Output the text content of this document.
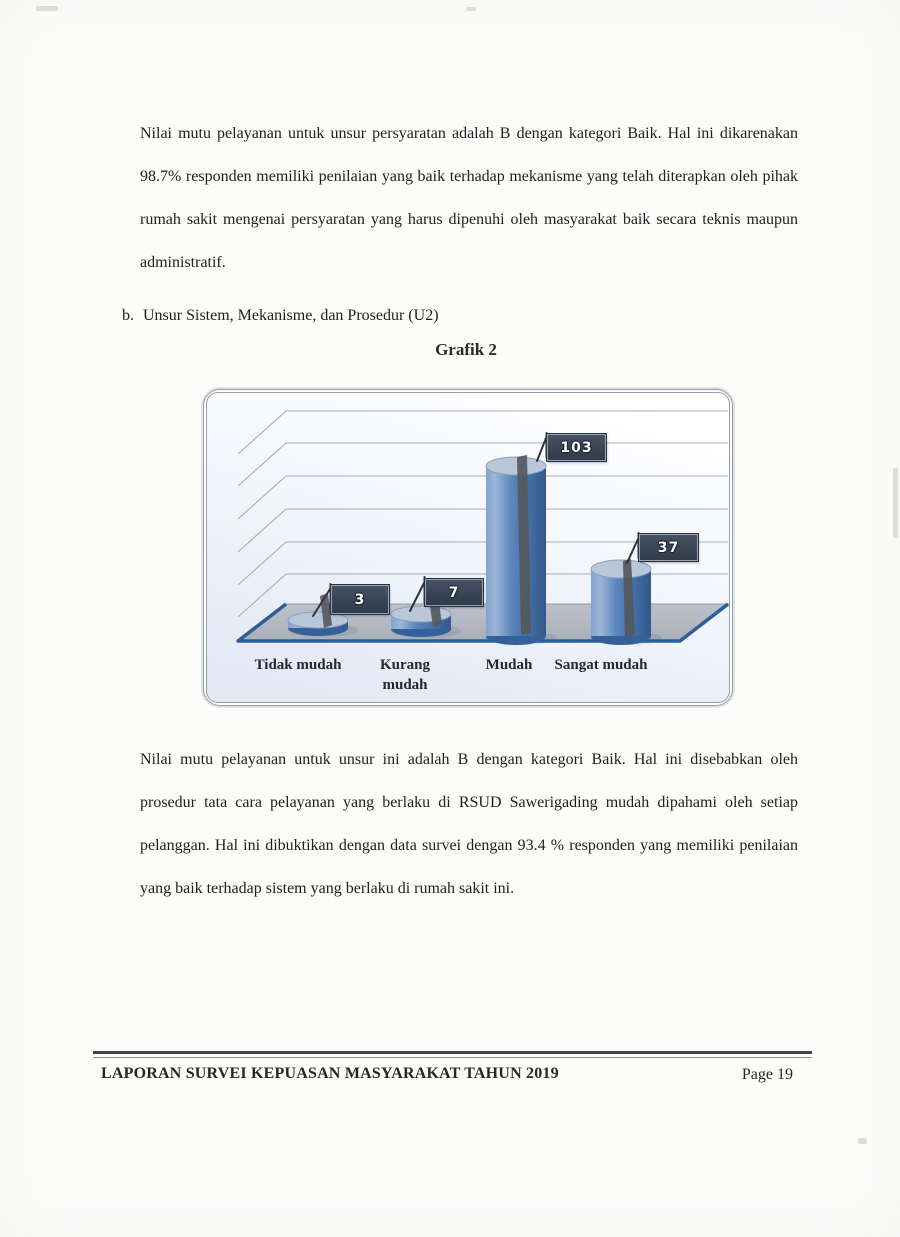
Nilai mutu pelayanan untuk unsur persyaratan adalah B dengan kategori Baik. Hal ini dikarenakan 98.7% responden memiliki penilaian yang baik terhadap mekanisme yang telah diterapkan oleh pihak rumah sakit mengenai persyaratan yang harus dipenuhi oleh masyarakat baik secara teknis maupun administratif.

b. Unsur Sistem, Mekanisme, dan Prosedur (U2)
Grafik 2
3	7
103
37
Tidak mudah	Kurang mudah
Mudah	Sangat mudah

Nilai mutu pelayanan untuk unsur ini adalah B dengan kategori Baik. Hal ini disebabkan oleh prosedur tata cara pelayanan yang berlaku di RSUD Sawerigading mudah dipahami oleh setiap pelanggan. Hal ini dibuktikan dengan data survei dengan 93.4 % responden yang memiliki penilaian yang baik terhadap sistem yang berlaku di rumah sakit ini.

LAPORAN SURVEI KEPUASAN MASYARAKAT TAHUN 2019	Page 19
